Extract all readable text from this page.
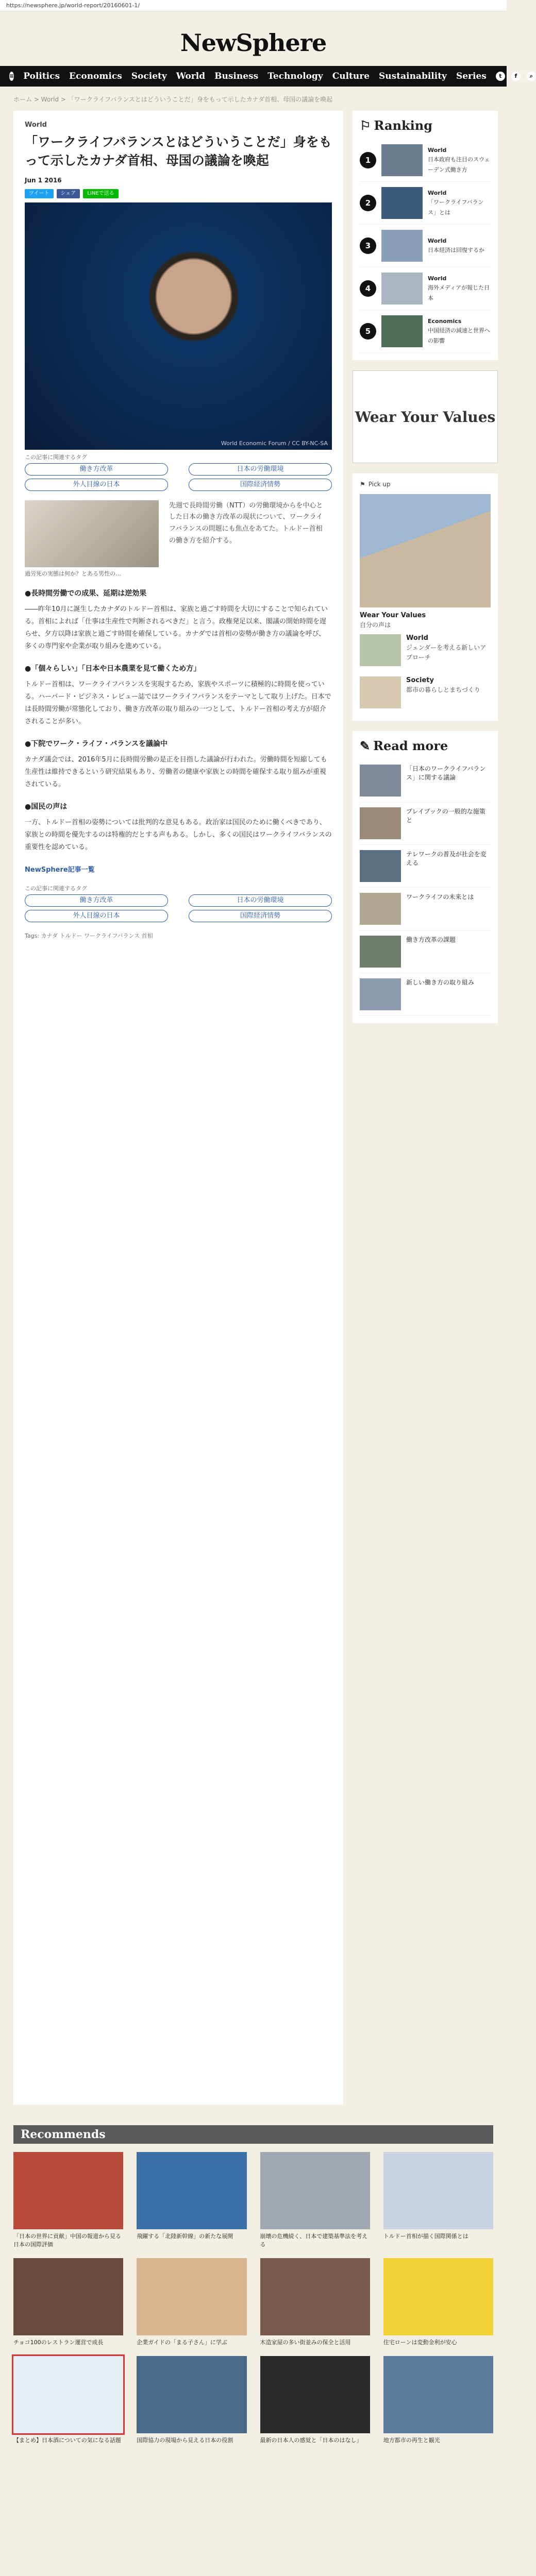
https://newsphere.jp/world-report/20160601-1/
NewSphere
≡ Politics Economics Society World Business Technology Culture Sustainability Series	t	f	⌕
ホーム > World > 「ワークライフバランスとはどういうことだ」身をもって示したカナダ首相、母国の議論を喚起
World
「ワークライフバランスとはどういうことだ」身をもって示したカナダ首相、母国の議論を喚起
Jun 1 2016
ツイート	シェア	LINEで送る
World Economic Forum / CC BY-NC-SA
この記事に関連するタグ
働き方改革	日本の労働環境
外人目線の日本	国際経済情勢
過労死の実態は何か？とある男性の…

先週で長時間労働（NTT）の労働環境からを中心とした日本の働き方改革の現状について、ワークライフバランスの問題にも焦点をあてた。トルドー首相の働き方を紹介する。

●長時間労働での成果、延期は逆効果

――昨年10月に誕生したカナダのトルドー首相は、家族と過ごす時間を大切にすることで知られている。首相によれば「仕事は生産性で判断されるべきだ」と言う。政権発足以来、閣議の開始時間を遅らせ、夕方以降は家族と過ごす時間を確保している。カナダでは首相の姿勢が働き方の議論を呼び、多くの専門家や企業が取り組みを進めている。

●「個々らしい」「日本や日本農業を見て働くため方」

トルドー首相は、ワークライフバランスを実現するため、家族やスポーツに積極的に時間を使っている。ハーバード・ビジネス・レビュー誌ではワークライフバランスをテーマとして取り上げた。日本では長時間労働が常態化しており、働き方改革の取り組みの一つとして、トルドー首相の考え方が紹介されることが多い。

●下院でワーク・ライフ・バランスを議論中

カナダ議会では、2016年5月に長時間労働の是正を目指した議論が行われた。労働時間を短縮しても生産性は維持できるという研究結果もあり、労働者の健康や家族との時間を確保する取り組みが重視されている。

●国民の声は

一方、トルドー首相の姿勢については批判的な意見もある。政治家は国民のために働くべきであり、家族との時間を優先するのは特権的だとする声もある。しかし、多くの国民はワークライフバランスの重要性を認めている。

NewSphere記事一覧
この記事に関連するタグ
働き方改革	日本の労働環境
外人目線の日本	国際経済情勢
Tags: カナダ トルドー ワークライフバランス 首相
⚐ Ranking
1
World
日本政府も注目のスウェーデン式働き方
2
World
「ワークライフバランス」とは
3
World
日本経済は回復するか
4
World
海外メディアが報じた日本
5
Economics
中国経済の減速と世界への影響
Wear Your Values
⚑ Pick up
Wear Your Values
自分の声は
World
ジェンダーを考える新しいアプローチ
Society
都市の暮らしとまちづくり
✎ Read more
「日本のワークライフバランス」に関する議論
プレイブックの一般的な施策と
テレワークの普及が社会を変える
ワークライフの未来とは
働き方改革の課題
新しい働き方の取り組み
Recommends
「日本の世界に貢献」中国の報道から見る日本の国際評価
飛躍する「北陸新幹線」の新たな展開	崩壊の危機続く、日本で建築基準法を考える
トルドー首相が描く国際関係とは
チョコ100のレストラン運営で成長	企業ガイドの「まる子さん」に学ぶ	木造家屋の多い街並みの保全と活用	住宅ローンは変動金利が安心
【まとめ】日本酒についての気になる話題	国際協力の現場から見える日本の役割	最新の日本人の感覚と「日本のはなし」	地方都市の再生と観光
